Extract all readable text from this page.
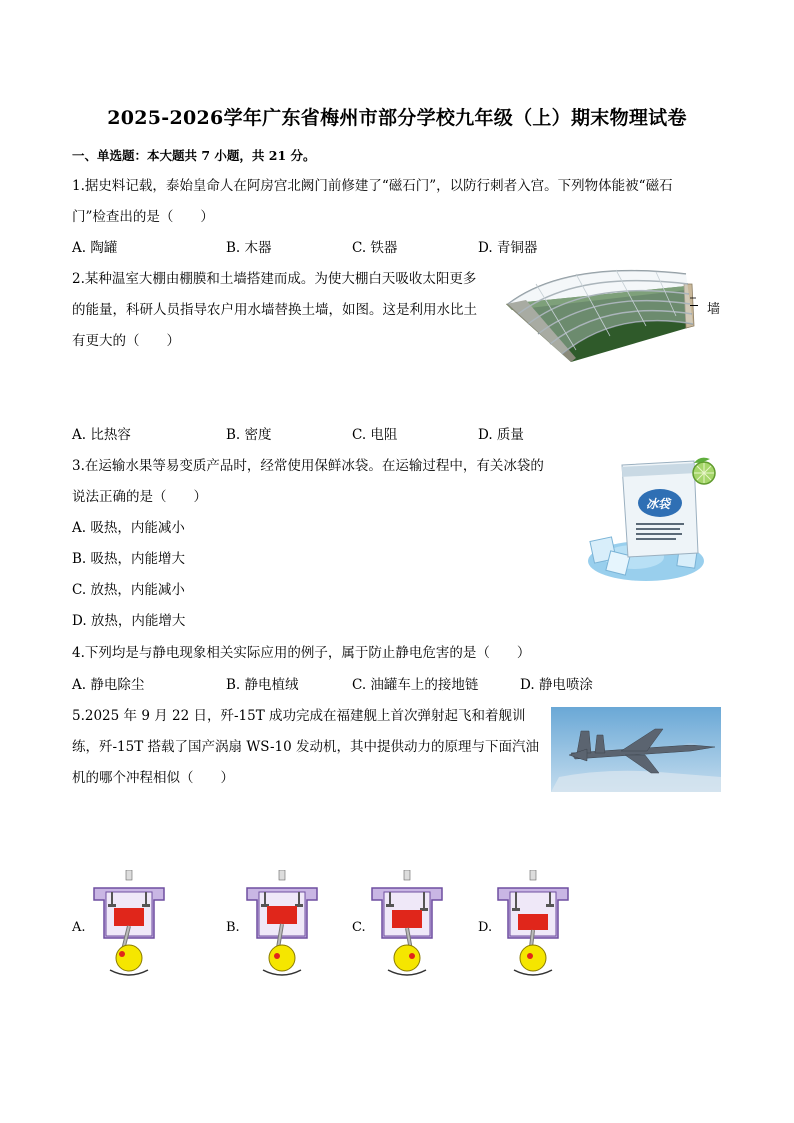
2025-2026学年广东省梅州市部分学校九年级（上）期末物理试卷
一、单选题：本大题共 7 小题，共 21 分。
1.据史料记载，泰始皇命人在阿房宫北阙门前修建了“磁石门”，以防行刺者入宫。下列物体能被“磁石
门”检查出的是（　　）
A. 陶罐	B. 木器	C. 铁器	D. 青铜器
2.某种温室大棚由棚膜和土墙搭建而成。为使大棚白天吸收太阳更多
的能量，科研人员指导农户用水墙替换土墙，如图。这是利用水比土
有更大的（　　）
墙
A. 比热容	B. 密度	C. 电阻	D. 质量
3.在运输水果等易变质产品时，经常使用保鲜冰袋。在运输过程中，有关冰袋的
说法正确的是（　　）
A. 吸热，内能减小
B. 吸热，内能增大
C. 放热，内能减小
D. 放热，内能增大
冰袋
4.下列均是与静电现象相关实际应用的例子，属于防止静电危害的是（　　）
A. 静电除尘	B. 静电植绒	C. 油罐车上的接地链	D. 静电喷涂
5.2025 年 9 月 22 日，歼-15T 成功完成在福建舰上首次弹射起飞和着舰训
练，歼-15T 搭载了国产涡扇 WS-10 发动机，其中提供动力的原理与下面汽油
机的哪个冲程相似（　　）
A.	B.	C.	D.
